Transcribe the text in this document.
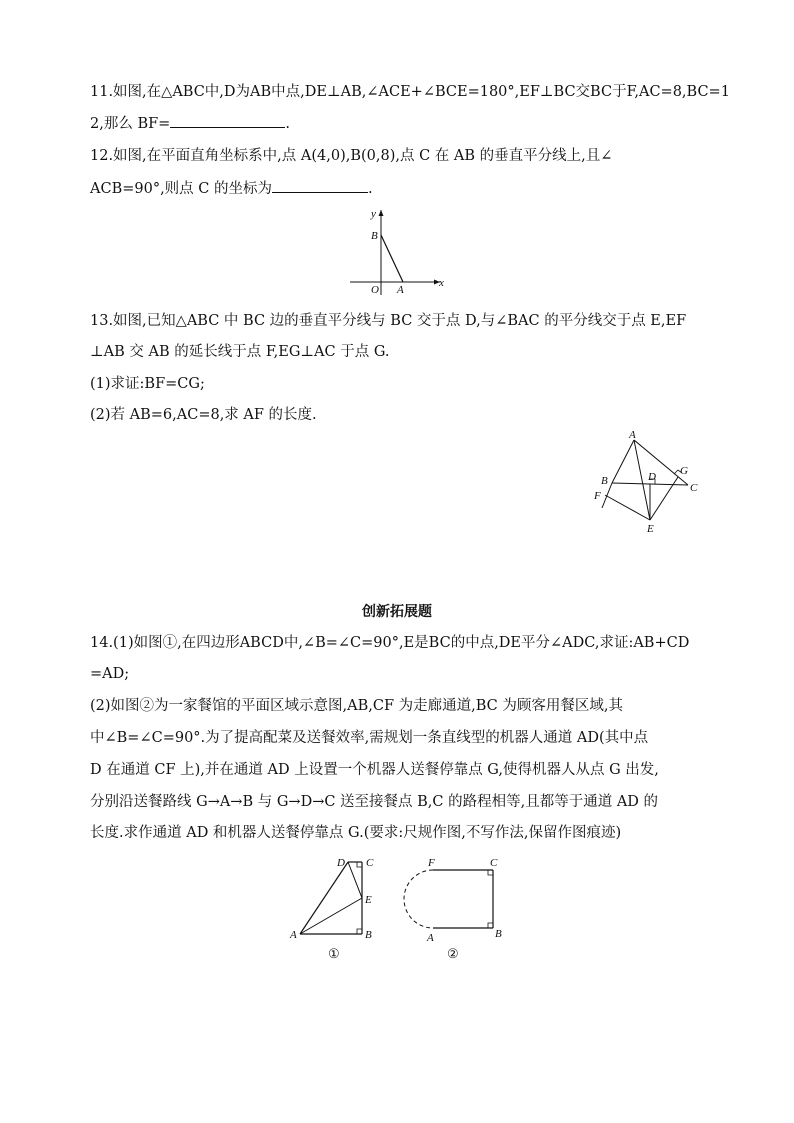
11.如图,在△ABC中,D为AB中点,DE⊥AB,∠ACE+∠BCE=180°,EF⊥BC交BC于F,AC=8,BC=1
2,那么 BF=	.
12.如图,在平面直角坐标系中,点 A(4,0),B(0,8),点 C 在 AB 的垂直平分线上,且∠
ACB=90°,则点 C 的坐标为	.
y
x
B
O A
13.如图,已知△ABC 中 BC 边的垂直平分线与 BC 交于点 D,与∠BAC 的平分线交于点 E,EF
⊥AB 交 AB 的延长线于点 F,EG⊥AC 于点 G.
(1)求证:BF=CG;
(2)若 AB=6,AC=8,求 AF 的长度.
A
B
C
D
E
F
G
创新拓展题
14.(1)如图①,在四边形ABCD中,∠B=∠C=90°,E是BC的中点,DE平分∠ADC,求证:AB+CD
=AD;
(2)如图②为一家餐馆的平面区域示意图,AB,CF 为走廊通道,BC 为顾客用餐区域,其
中∠B=∠C=90°.为了提高配菜及送餐效率,需规划一条直线型的机器人通道 AD(其中点
D 在通道 CF 上),并在通道 AD 上设置一个机器人送餐停靠点 G,使得机器人从点 G 出发,
分别沿送餐路线 G→A→B 与 G→D→C 送至接餐点 B,C 的路程相等,且都等于通道 AD 的
长度.求作通道 AD 和机器人送餐停靠点 G.(要求:尺规作图,不写作法,保留作图痕迹)
A	B
C
D
E
①
F	C
A	B
②
